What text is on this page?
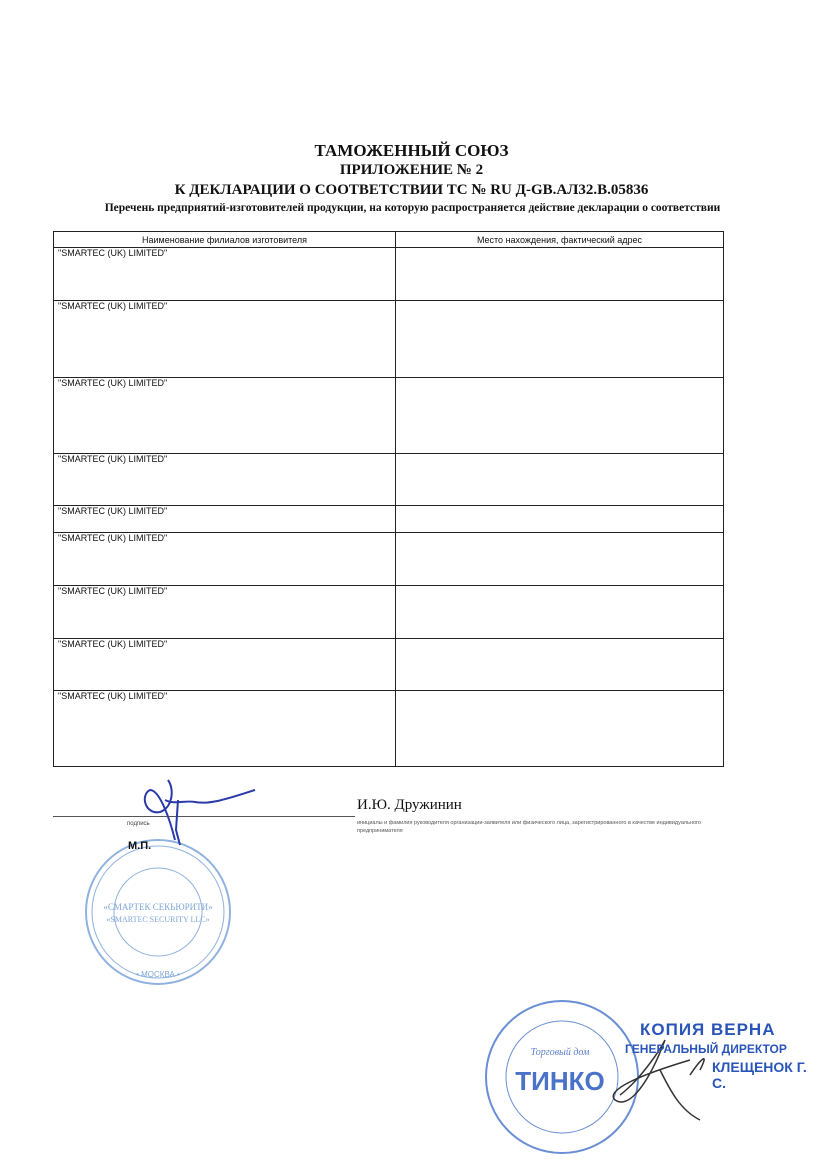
ТАМОЖЕННЫЙ СОЮЗ
ПРИЛОЖЕНИЕ № 2
К ДЕКЛАРАЦИИ О СООТВЕТСТВИИ ТС № RU Д-GB.АЛ32.В.05836
Перечень предприятий-изготовителей продукции, на которую распространяется действие декларации о соответствии
Наименование филиалов изготовителя	Место нахождения, фактический адрес
"SMARTEC (UK) LIMITED"	
"SMARTEC (UK) LIMITED"	
"SMARTEC (UK) LIMITED"	
"SMARTEC (UK) LIMITED"	
"SMARTEC (UK) LIMITED"	
"SMARTEC (UK) LIMITED"	
"SMARTEC (UK) LIMITED"	
"SMARTEC (UK) LIMITED"	
"SMARTEC (UK) LIMITED"	
подпись
И.Ю. Дружинин
инициалы и фамилия руководителя организации-заявителя или физического лица, зарегистрированного в качестве индивидуального предпринимателя
«СМАРТЕК СЕКЬЮРИТИ»
«SMARTEC SECURITY LLC»
• МОСКВА •
Торговый дом
ТИНКО
М.П.
КОПИЯ ВЕРНА
ГЕНЕРАЛЬНЫЙ ДИРЕКТОР
КЛЕЩЕНОК Г. С.
